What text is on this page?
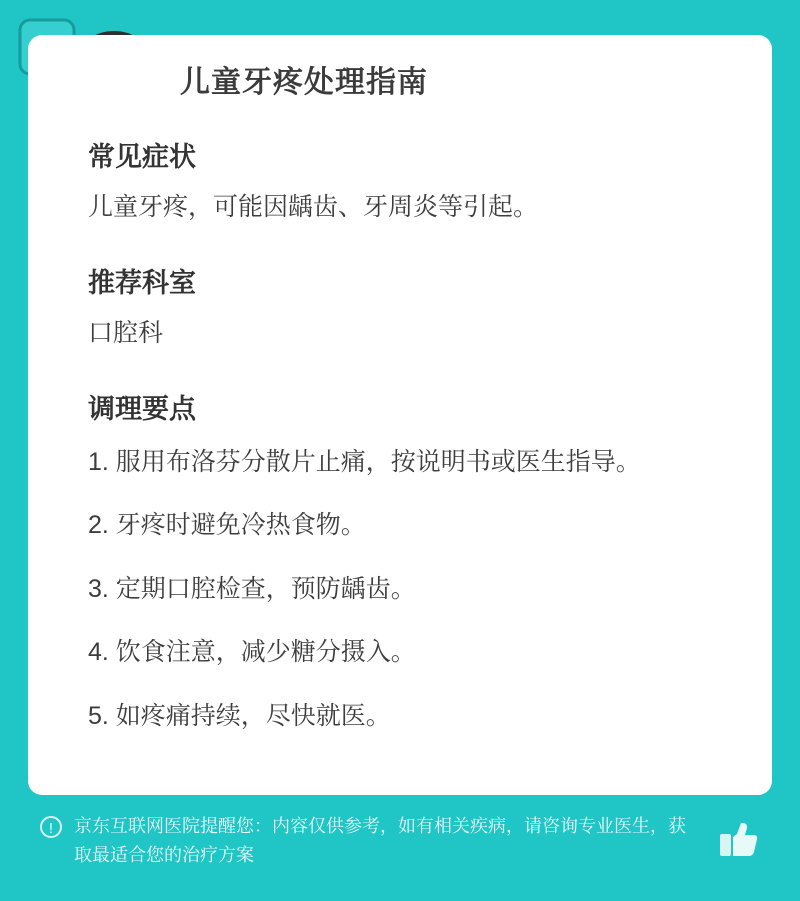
儿童牙疼处理指南
常见症状

儿童牙疼，可能因龋齿、牙周炎等引起。

推荐科室

口腔科

调理要点
1. 服用布洛芬分散片止痛，按说明书或医生指导。
2. 牙疼时避免冷热食物。
3. 定期口腔检查，预防龋齿。
4. 饮食注意，减少糖分摄入。
5. 如疼痛持续，尽快就医。
!	京东互联网医院提醒您：内容仅供参考，如有相关疾病，请咨询专业医生，获取最适合您的治疗方案
